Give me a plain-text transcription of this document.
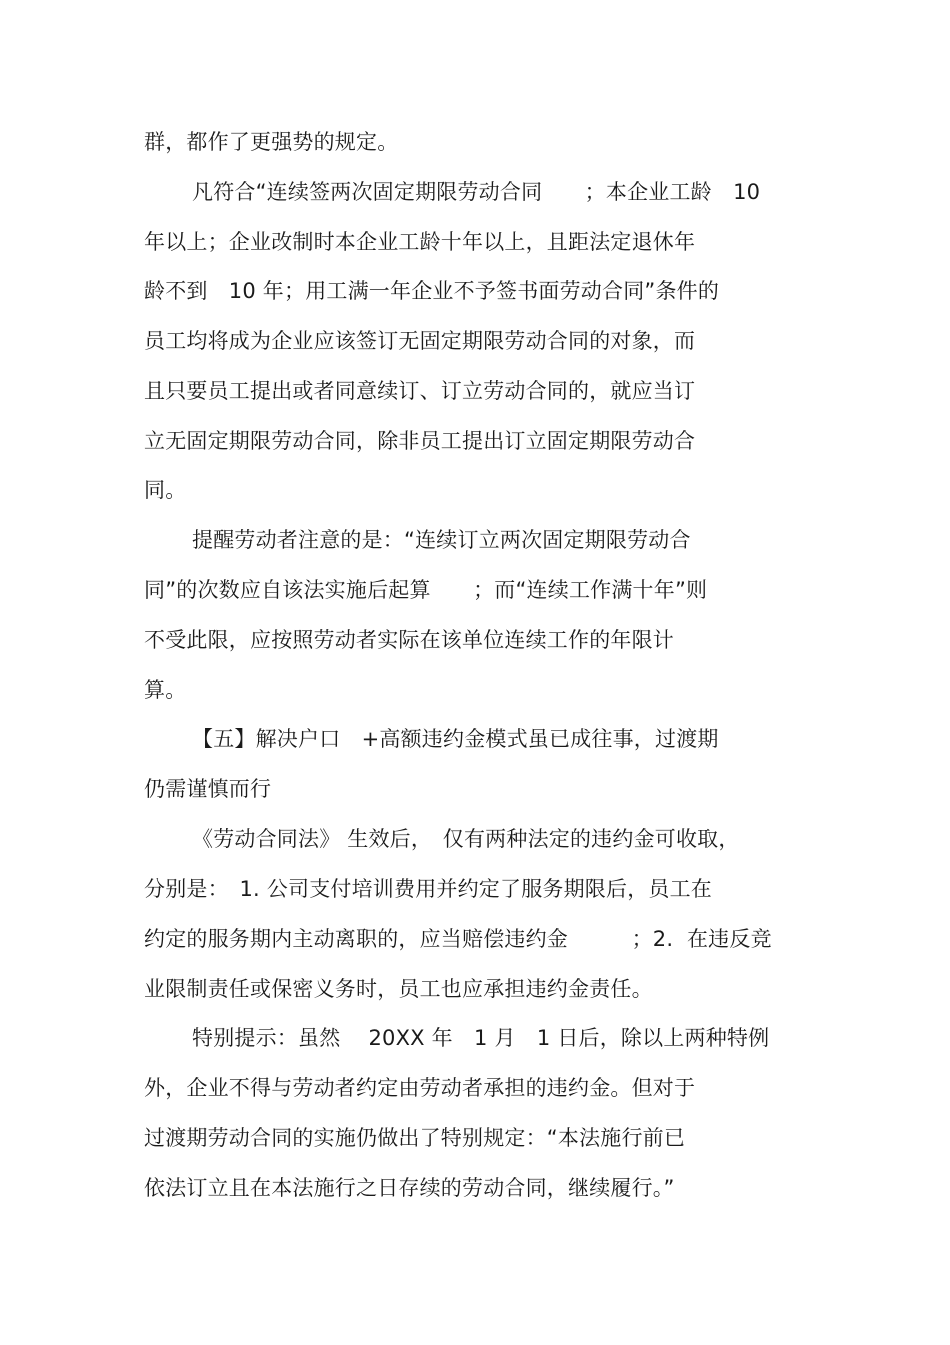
群，都作了更强势的规定。
凡符合“连续签两次固定期限劳动合同　　；本企业工龄　10
年以上；企业改制时本企业工龄十年以上，且距法定退休年
龄不到　10 年；用工满一年企业不予签书面劳动合同”条件的
员工均将成为企业应该签订无固定期限劳动合同的对象，而
且只要员工提出或者同意续订、订立劳动合同的，就应当订
立无固定期限劳动合同，除非员工提出订立固定期限劳动合
同。
提醒劳动者注意的是：“连续订立两次固定期限劳动合
同”的次数应自该法实施后起算　　；而“连续工作满十年”则
不受此限，应按照劳动者实际在该单位连续工作的年限计
算。
【五】解决户口　+高额违约金模式虽已成往事，过渡期
仍需谨慎而行
《劳动合同法》 生效后，　仅有两种法定的违约金可收取，
分别是：　1. 公司支付培训费用并约定了服务期限后，员工在
约定的服务期内主动离职的，应当赔偿违约金　　　；2.  在违反竞
业限制责任或保密义务时，员工也应承担违约金责任。
特别提示：虽然　 20XX 年　1 月　1 日后，除以上两种特例
外，企业不得与劳动者约定由劳动者承担的违约金。但对于
过渡期劳动合同的实施仍做出了特别规定：“本法施行前已
依法订立且在本法施行之日存续的劳动合同，继续履行。”
